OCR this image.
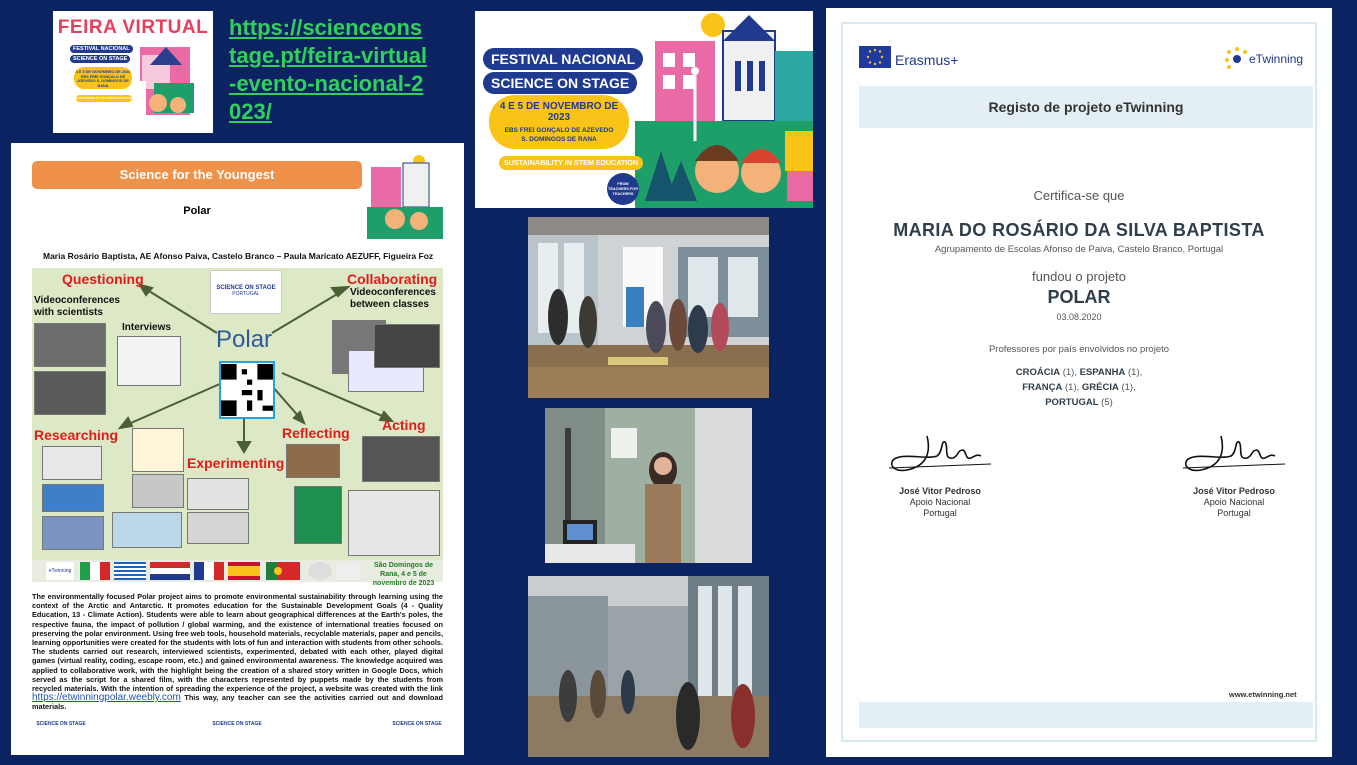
FEIRA VIRTUAL
FESTIVAL NACIONAL
SCIENCE ON STAGE
4 E 5 DE NOVEMBRO DE 2023
EBS FREI GONÇALO DE AZEVEDO S. DOMINGOS DE RANA
SUSTAINABILITY IN STEM EDUCATION
https://scienceonstage.pt/feira-virtual-evento-nacional-2023/
FESTIVAL NACIONAL
SCIENCE ON STAGE
4 E 5 DE NOVEMBRO DE 2023
EBS FREI GONÇALO DE AZEVEDO
S. DOMINGOS DE RANA
SUSTAINABILITY IN STEM EDUCATION
FROM TEACHERS FOR TEACHERS
Science for the Youngest
Polar
Maria Rosário Baptista, AE Afonso Paiva, Castelo Branco – Paula Maricato AEZUFF, Figueira Foz
Questioning	Collaborating
Videoconferences with scientists
Videoconferences between classes
Interviews
SCIENCE ON STAGE
PORTUGAL
Polar
Researching
Experimenting
Reflecting Acting
eTwinning
São Domingos de Rana, 4 e 5 de novembro de 2023
The environmentally focused Polar project aims to promote environmental sustainability through learning using the context of the Arctic and Antarctic. It promotes education for the Sustainable Development Goals (4 - Quality Education, 13 - Climate Action). Students were able to learn about geographical differences at the Earth's poles, the respective fauna, the impact of pollution / global warming, and the existence of international treaties focused on preserving the polar environment. Using free web tools, household materials, recyclable materials, paper and pencils, learning opportunities were created for the students with lots of fun and interaction with students from other schools. The students carried out research, interviewed scientists, experimented, debated with each other, played digital games (virtual reality, coding, escape room, etc.) and gained environmental awareness. The knowledge acquired was applied to collaborative work, with the highlight being the creation of a shared story written in Google Docs, which served as the script for a shared film, with the characters represented by puppets made by the students from recycled materials. With the intention of spreading the experience of the project, a website was created with the link https://etwinningpolar.weebly.com This way, any teacher can see the activities carried out and download materials.
SCIENCE ON STAGE	SCIENCE ON STAGE	SCIENCE ON STAGE
Erasmus+	eTwinning
Registo de projeto eTwinning
Certifica-se que
MARIA DO ROSÁRIO DA SILVA BAPTISTA
Agrupamento de Escolas Afonso de Paiva, Castelo Branco, Portugal
fundou o projeto
POLAR
03.08.2020
Professores por país envolvidos no projeto
CROÁCIA (1), ESPANHA (1),
FRANÇA (1), GRÉCIA (1),
PORTUGAL (5)
José Vitor Pedroso
Apoio Nacional
Portugal
José Vitor Pedroso
Apoio Nacional
Portugal
www.etwinning.net
